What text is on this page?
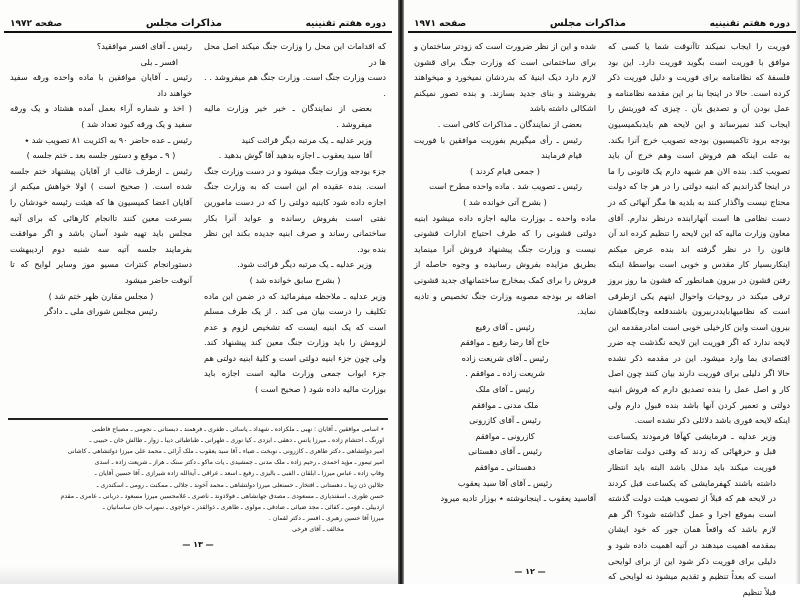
دوره هفتم تقنینیه
مذاکرات مجلس
صفحه ۱۹۷۲

که اقدامات این محل را وزارت جنگ میکند اصل محل ها در

دست وزارت جنگ است. وزارت جنگ هم میفروشد . . .

بعضی از نمایندگان ـ خیر خیر وزارت مالیه میفروشد .

وزیر عدلیه ـ یک مرتبه دیگر قرائت کنید

آقا سید یعقوب ـ اجازه بدهید آقا گوش بدهید .

جزء بودجه وزارت جنگ میشود و در دست وزارت جنگ است. بنده عقیده ام این است که به وزارت جنگ اجازه داده شود کابنیه دولتی را که در دست مامورین نفتی است بفروش رسانده و عواید آنرا بکار ساختمانی رساند و صرف ابنیه جدیده بکند این نظر بنده بود.

وزیر عدلیه ـ یک مرتبه دیگر قرائت شود.

( بشرح سابق خوانده شد )

وزیر عدلیه ـ ملاحظه میفرمائید که در ضمن این ماده تکلیف را درست بیان می کند . از یک طرف مسلم است که یک ابنیه ایست که تشخیص لزوم و عدم لزومش را باید وزارت جنگ معین کند پیشنهاد کند. ولی چون جزء ابنیه دولتی است و کلیهٔ ابنیه دولتی هم جزء ابواب جمعی وزارت مالیه است اجازه باید بوزارت مالیه داده شود ( صحیح است )

رئیس ـ آقای افسر موافقید؟

افسر ـ بلی

رئیس ـ آقایان موافقین با ماده واحده ورقه سفید خواهند داد

( اخذ و شماره آراء بعمل آمده هشتاد و یک ورقه سفید و یک ورقه کبود تعداد شد )

رئیس ـ عده حاضر ۹۰ به اکثریت ۸۱ تصویب شد ٭

( ۹ ـ موقع و دستور جلسه بعد ـ ختم جلسه )

رئیس ـ ازطرف غالب از آقایان پیشنهاد ختم جلسه شده است. ( صحیح است ) اولا خواهش میکنم از آقایان اعضا کمیسیون ها که هیئت رئیسه خودشان را بسرعت معین کنند تاانجام کارهائی که برای آتیه مجلس باید تهیه شود آسان باشد و اگر موافقت بفرمایند جلسه آتیه سه شنبه دوم اردیبهشت دستورانجام کنترات مسیو موز وسایر لوایح که تا آنوقت حاضر میشود

( مجلس مقارن ظهر ختم شد )

رئیس مجلس شورای ملی ـ دادگر

٭ اسامی موافقین ـ آقایان : نهبی ـ ملکزاده ـ شهداد ـ یاسائی ـ ظفری ـ فرهمند ـ دبستانی ـ نجومی ـ مصباح فاطمی
اورنگ ـ احتشام زاده ـ میرزا یانس ـ دهقی ـ ایزدی ـ کیا نوری ـ طهرانی ـ طباطبائی دیبا ـ زوار ـ طالش خان ـ حبیبی ـ
امیر دولتشاهی ـ دکتر طاهری ـ کازرونی ـ نوبخت ـ ضیاء ـ آقا سید یعقوب ـ ملک آرائی ـ محمد علی میرزا دولتشاهی ـ کاشانی
امیر تیمور ـ مؤید احمدی ـ رحیم زاده ـ ملک مدنی ـ جمشیدی ـ یات ماکو ـ دکتر سنک ـ هراز ـ شریعت زاده ـ اسدی
وفاپ زاده ـ عباس میرزا ـ ابلقان ـ الفبی ـ بالیزی ـ رفیع ـ اسعد ـ عراقی ـ آیةالله زاده شیرازی ـ آقا حسین آقایان ـ
جلالین ذن زیبا ـ دهستانی ـ افتخار ـ حسنعلی میرزا دولتشاهی ـ محمد آخوند ـ جلالی ـ ممکنت ـ رومی ـ اسکندری ـ
حسن طوری ـ اسفندیاری ـ مسعودی ـ مصدق جهانشاهی ـ فولادوند ـ ناصری ـ غلامحسین میرزا مسعود ـ دربانی ـ عامری ـ مقدم
اردبیلی ـ قومی ـ کفائی ـ مجد ضیائی ـ صادقی ـ مولوی ـ طاهری ـ ذوالقدر ـ خواجوی ـ سهراب خان ساسانیان ـ
میرزا آقا حسین رهبری ـ افسر ـ دکتر لقمان .
مخالف ـ آقای فرخی
— ۱۳ —
دوره هفتم تقنینیه
مذاکرات مجلس
صفحه ۱۹۷۱

فوریت را ایجاب نمیکند تاآنوقت شما یا کسی که موافق با فوریت است بگوید فوریت دارد. این بود فلسفهٔ که نظامنامه برای فوریت و دلیل فوریت ذکر کرده است. حالا در اینجا بنا بر این مقدمه نظامنامه و عمل بودن آن و تصدیق بآن . چیزی که فوریتش را ایجاب کند نمیرساند و این لایحه هم بایدبکمیسیون بودجه برود تاکمیسیون بودجه تصویب خرج آنرا بکند. به علت اینکه هم فروش است وهم خرج آن باید تصویب کند. بنده الان هم شبهه دارم یک قانونی را ما در اینجا گذراندیم که ابنیه دولتی را در هر جا که دولت محتاج نیست واگذار کنند به بلدیه ها مگر آنهائی که در دست نظامی ها است آنهارابنده درنظر ندارم. آقای معاون وزارت مالیه که این لایحه را تنظیم کرده اند آن قانون را در نظر گرفته اند بنده عرض میکنم اینکاربسیار کار مقدس و خوبی است بواسطهٔ اینکه رفتن قشون در بیرون همانطور که قشون ما روز بروز ترقی میکند در روحیات واحوال اینهم یکی ازطرقی است که نظامیهابایددربیرون باشندقلعه وجایگاهشان بیرون است واین کارخیلی خوبی است امادرمقدمه این لایحه ندارد که اگر فوریت این لایحه نگذشت چه ضرر اقتصادی بما وارد میشود. این در مقدمه ذکر نشده حالا اگر دلیلی برای فوریت دارند بیان کنند چون اصل کار و اصل عمل را بنده تصدیق دارم که فروش ابنیه دولتی و تعمیر کردن آنها باشد بنده قبول دارم ولی اینکه لایحه فوری باشد دلائلی ذکر نشده است.

وزیر عدلیه ـ فرمایشی کهآقا فرمودند یکساعت قبل و حرفهائی که زدند که وقتی دولت تقاضای فوریت میکند باید مدلل باشد البته باید انتظار داشته باشند کهفرمایشی که یکساعت قبل کردند در لایحه هم که قبلاً از تصویب هیئت دولت گذشته است بموقع اجرا و عمل گذاشته شود؟ اگر هم لازم باشد که واقعاً همان جور که خود ایشان بمقدمه اهمیت میدهند در آتیه اهمیت داده شود و دلیلی برای فوریت ذکر شود این از برای لوایحی است که بعداً تنظیم و تقدیم میشود نه لوایحی که قبلاً تنظیم

شده و این از نظر ضرورت است که زودتر ساختمان و برای ساختمانی است که وزارت جنگ برای قشون لازم دارد دیک ابنیهٔ که بدردشان نمیخورد و میخواهند بفروشند و بنای جدید بسازند. و بنده تصور نمیکنم اشکالی داشته باشد

بعضی از نمایندگان ـ مذاکرات کافی است .

رئیس ـ رأی میگیریم بفوریت موافقین با فوریت قیام فرمایند

( جمعی قیام کردند )

رئیس ـ تصویب شد . ماده واحده مطرح است

( بشرح آتی خوانده شد )

ماده واحده ـ بوزارت مالیه اجازه داده میشود ابنیه دولتی قشونی را که طرف احتیاج ادارات قشونی نیست و وزارت جنگ پیشنهاد فروش آنرا مینماید بطریق مزایده بفروش رسانیده و وجوه حاصله از فروش را برای کمک بمخارج ساختمانهای جدید قشونی اضافه بر بودجه مصوبه وزارت جنگ تخصیص و تادیه نماید.

رئیس ـ آقای رفیع

حاج آقا رضا رفیع ـ موافقم

رئیس ـ آقای شریعت زاده

شریعت زاده ـ موافقم .

رئیس ـ آقای ملک

ملک مدنی ـ موافقم

رئیس ـ آقای کازرونی

کازرونی ـ موافقم

رئیس ـ آقای دهستانی

دهستانی ـ موافقم

رئیس ـ آقای آقا سید یعقوب

آقاسید یعقوب ـ اینجانوشته ٭ بوزار تادیه میرود

— ۱۲ —
